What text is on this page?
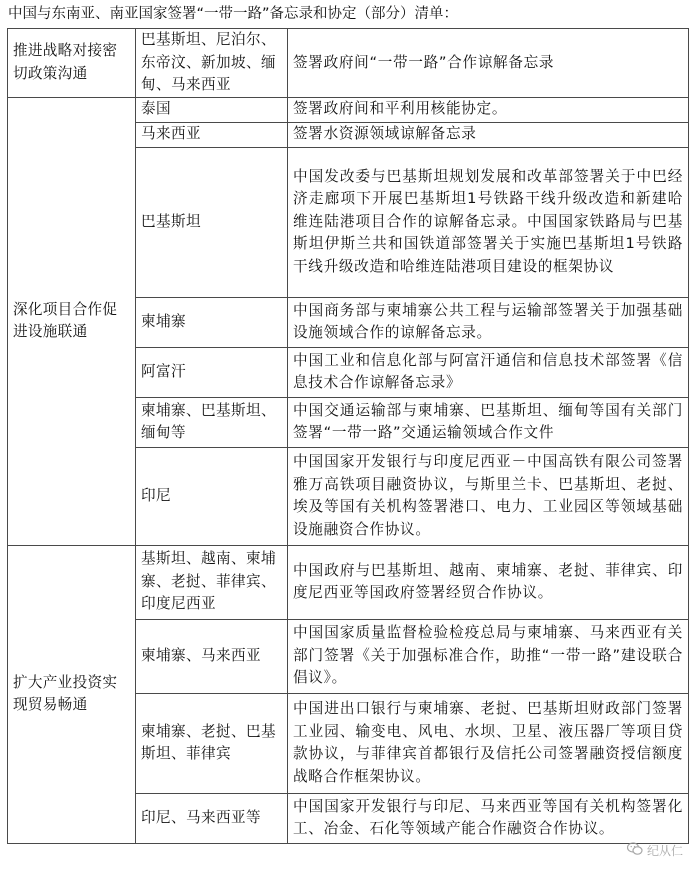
中国与东南亚、南亚国家签署“一带一路”备忘录和协定（部分）清单：
推进战略对接密切政策沟通	巴基斯坦、尼泊尔、东帝汶、新加坡、缅甸、马来西亚	签署政府间“一带一路”合作谅解备忘录
深化项目合作促进设施联通	泰国	签署政府间和平利用核能协定。
	马来西亚	签署水资源领域谅解备忘录
	巴基斯坦	中国发改委与巴基斯坦规划发展和改革部签署关于中巴经济走廊项下开展巴基斯坦1号铁路干线升级改造和新建哈维连陆港项目合作的谅解备忘录。中国国家铁路局与巴基斯坦伊斯兰共和国铁道部签署关于实施巴基斯坦1号铁路干线升级改造和哈维连陆港项目建设的框架协议
	柬埔寨	中国商务部与柬埔寨公共工程与运输部签署关于加强基础设施领域合作的谅解备忘录。
	阿富汗	中国工业和信息化部与阿富汗通信和信息技术部签署《信息技术合作谅解备忘录》
	柬埔寨、巴基斯坦、缅甸等	中国交通运输部与柬埔寨、巴基斯坦、缅甸等国有关部门签署“一带一路”交通运输领域合作文件
	印尼	中国国家开发银行与印度尼西亚－中国高铁有限公司签署雅万高铁项目融资协议，与斯里兰卡、巴基斯坦、老挝、埃及等国有关机构签署港口、电力、工业园区等领域基础设施融资合作协议。
扩大产业投资实现贸易畅通	基斯坦、越南、柬埔寨、老挝、菲律宾、印度尼西亚	中国政府与巴基斯坦、越南、柬埔寨、老挝、菲律宾、印度尼西亚等国政府签署经贸合作协议。
	柬埔寨、马来西亚	中国国家质量监督检验检疫总局与柬埔寨、马来西亚有关部门签署《关于加强标准合作，助推“一带一路”建设联合倡议》。
	柬埔寨、老挝、巴基斯坦、菲律宾	中国进出口银行与柬埔寨、老挝、巴基斯坦财政部门签署工业园、输变电、风电、水坝、卫星、液压器厂等项目贷款协议，与菲律宾首都银行及信托公司签署融资授信额度战略合作框架协议。
	印尼、马来西亚等	中国国家开发银行与印尼、马来西亚等国有关机构签署化工、冶金、石化等领域产能合作融资合作协议。
纪从仁
